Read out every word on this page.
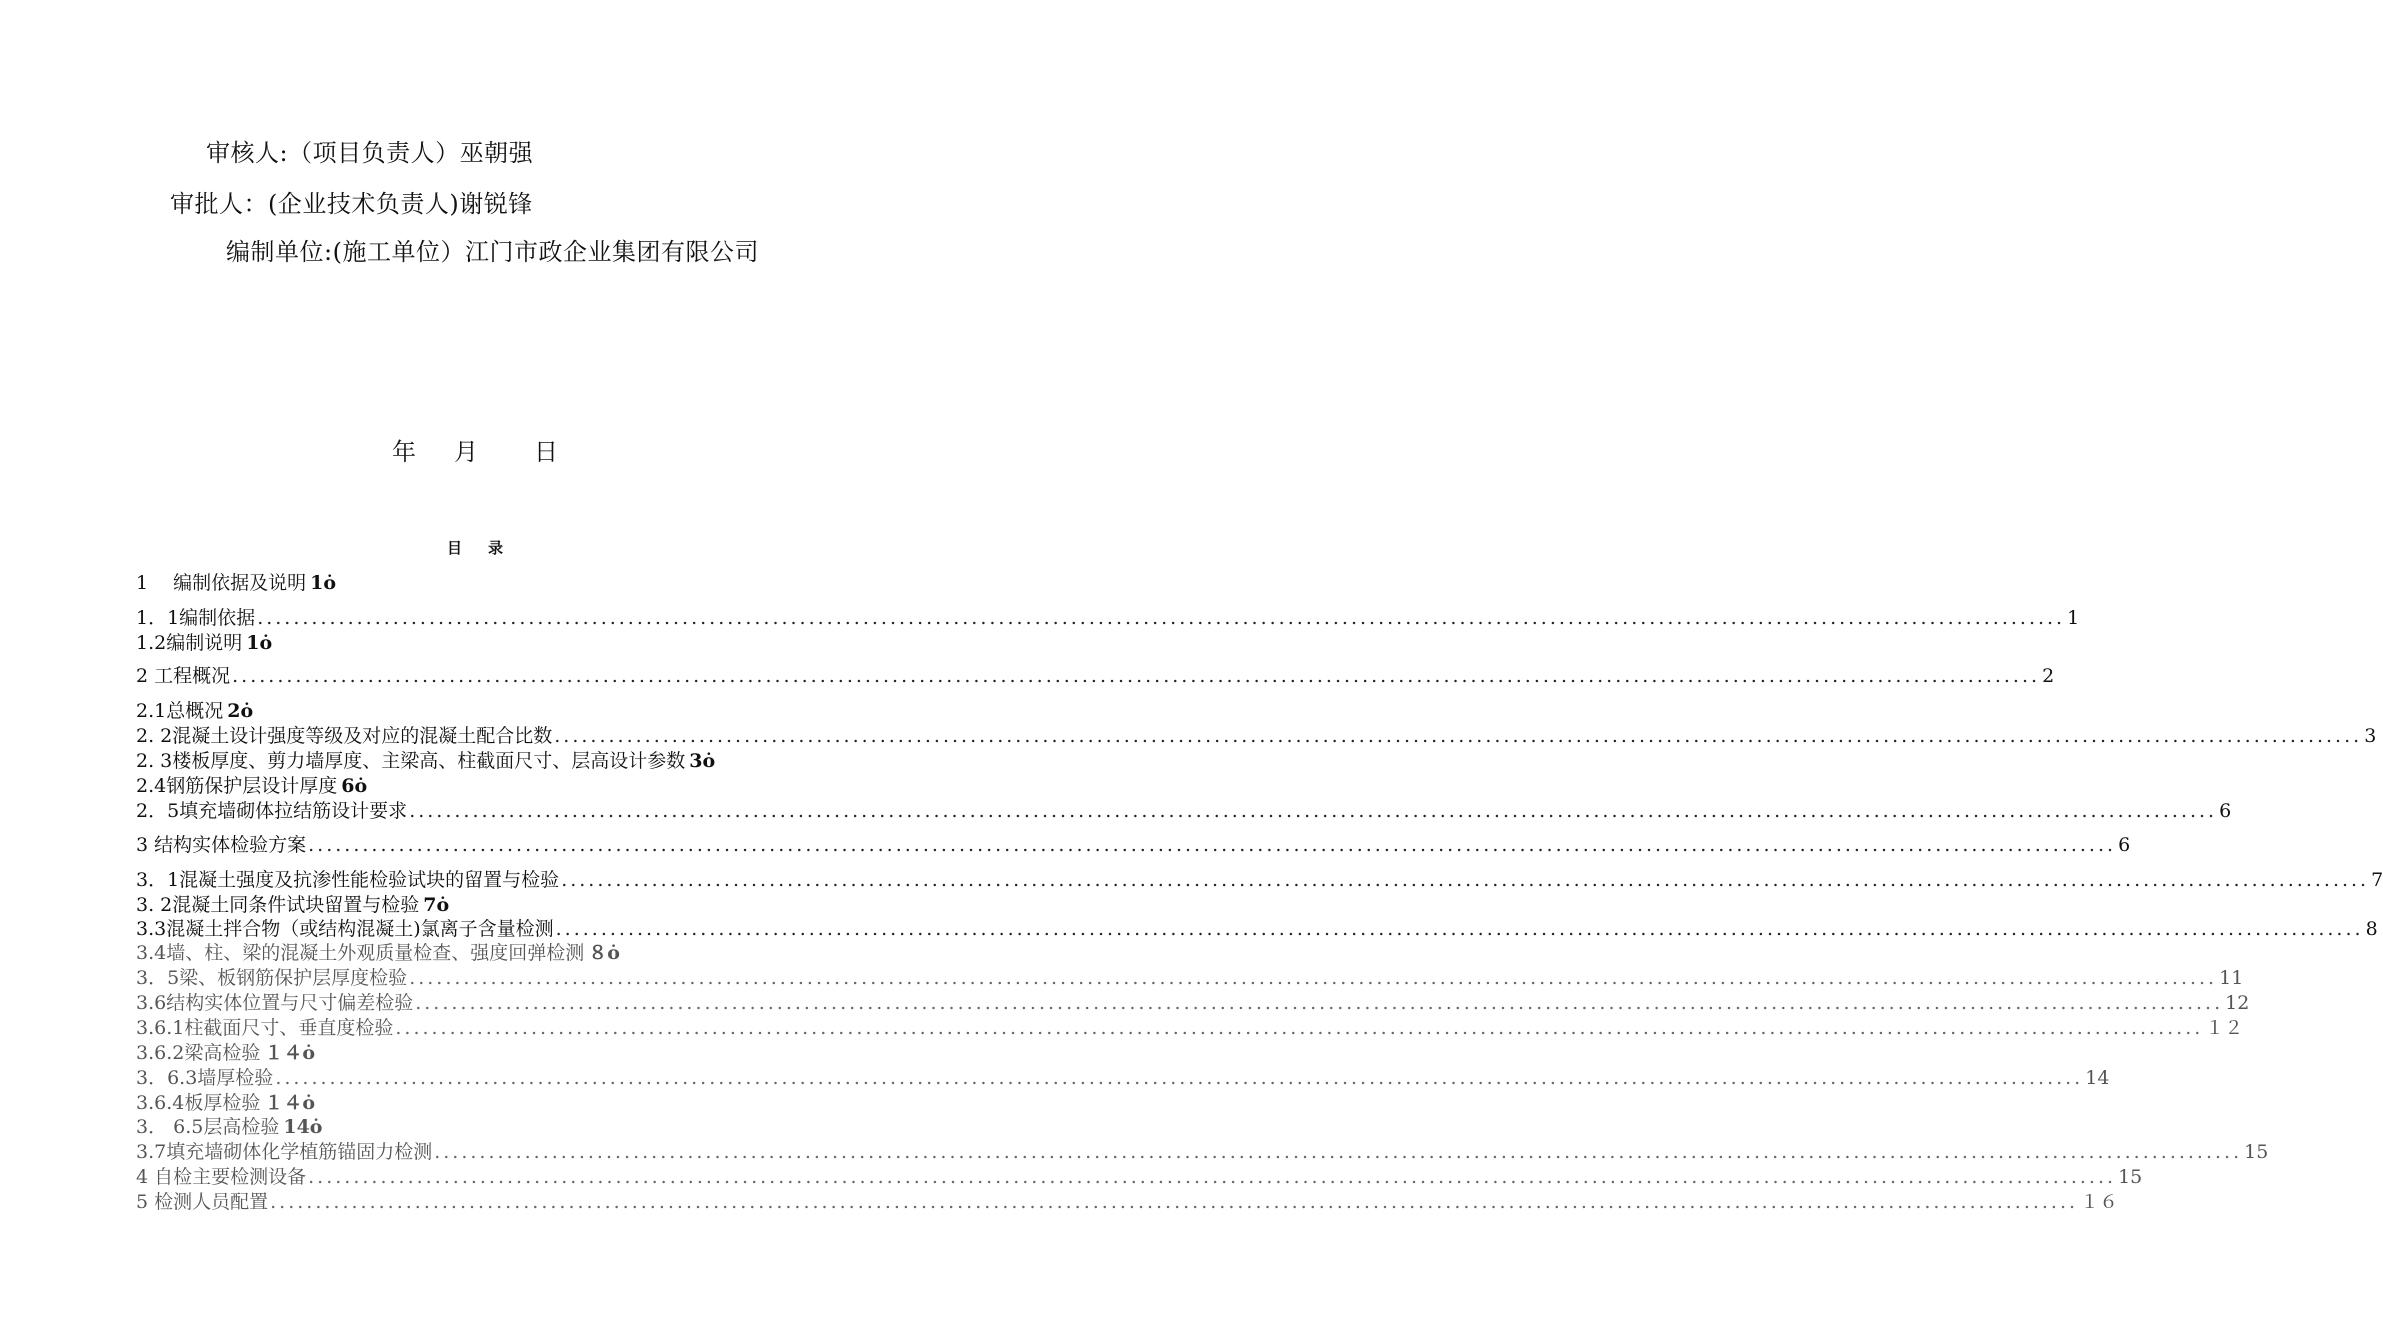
审核人:（项目负责人）巫朝强
审批人：(企业技术负责人)谢锐锋
编制单位:(施工单位）江门市政企业集团有限公司
年 月 日
目录
1　 编制依据及说明 1ȯ
1．1编制依据 ........................................................................................................................................................................................................ 1
1.2编制说明 1ȯ
2 工程概况 ........................................................................................................................................................................................................ 2
2.1总概况 2ȯ
2. 2混凝土设计强度等级及对应的混凝土配合比数 ........................................................................................................................................................................................................ 3
2. 3楼板厚度、剪力墙厚度、主梁高、柱截面尺寸、层高设计参数 3ȯ
2.4钢筋保护层设计厚度 6ȯ
2．5填充墙砌体拉结筋设计要求 ........................................................................................................................................................................................................ 6
3 结构实体检验方案 ........................................................................................................................................................................................................ 6
3．1混凝土强度及抗渗性能检验试块的留置与检验 ........................................................................................................................................................................................................ 7
3. 2混凝土同条件试块留置与检验 7ȯ
3.3混凝土拌合物（或结构混凝土)氯离子含量检测 ........................................................................................................................................................................................................ 8
3.4墙、柱、梁的混凝土外观质量检查、强度回弹检测 ８ȯ
3．5梁、板钢筋保护层厚度检验 ........................................................................................................................................................................................................ 11
3.6结构实体位置与尺寸偏差检验 ........................................................................................................................................................................................................ 12
3.6.1柱截面尺寸、垂直度检验 ........................................................................................................................................................................................................ １２
3.6.2梁高检验 １４ȯ
3．6.3墙厚检验 ........................................................................................................................................................................................................ 14
3.6.4板厚检验 １４ȯ
3． 6.5层高检验 14ȯ
3.7填充墙砌体化学植筋锚固力检测 ........................................................................................................................................................................................................ 15
4 自检主要检测设备 ........................................................................................................................................................................................................ 15
5 检测人员配置 ........................................................................................................................................................................................................ １６
